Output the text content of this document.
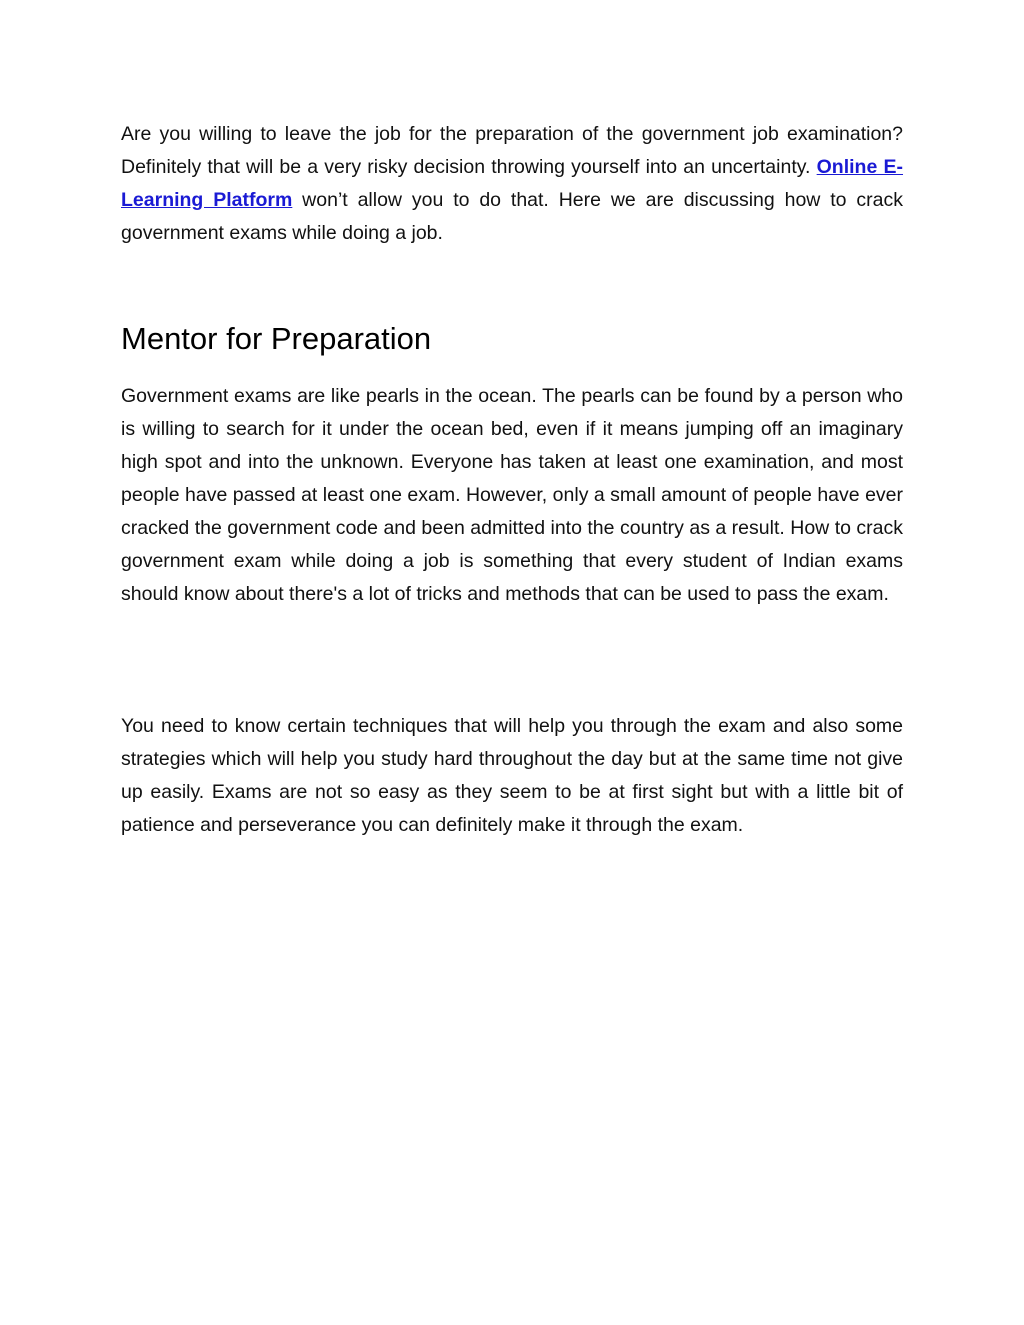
Are you willing to leave the job for the preparation of the government job examination? Definitely that will be a very risky decision throwing yourself into an uncertainty. Online E-Learning Platform won’t allow you to do that. Here we are discussing how to crack government exams while doing a job.

Mentor for Preparation

Government exams are like pearls in the ocean. The pearls can be found by a person who is willing to search for it under the ocean bed, even if it means jumping off an imaginary high spot and into the unknown. Everyone has taken at least one examination, and most people have passed at least one exam. However, only a small amount of people have ever cracked the government code and been admitted into the country as a result. How to crack government exam while doing a job is something that every student of Indian exams should know about there's a lot of tricks and methods that can be used to pass the exam.

You need to know certain techniques that will help you through the exam and also some strategies which will help you study hard throughout the day but at the same time not give up easily. Exams are not so easy as they seem to be at first sight but with a little bit of patience and perseverance you can definitely make it through the exam.
